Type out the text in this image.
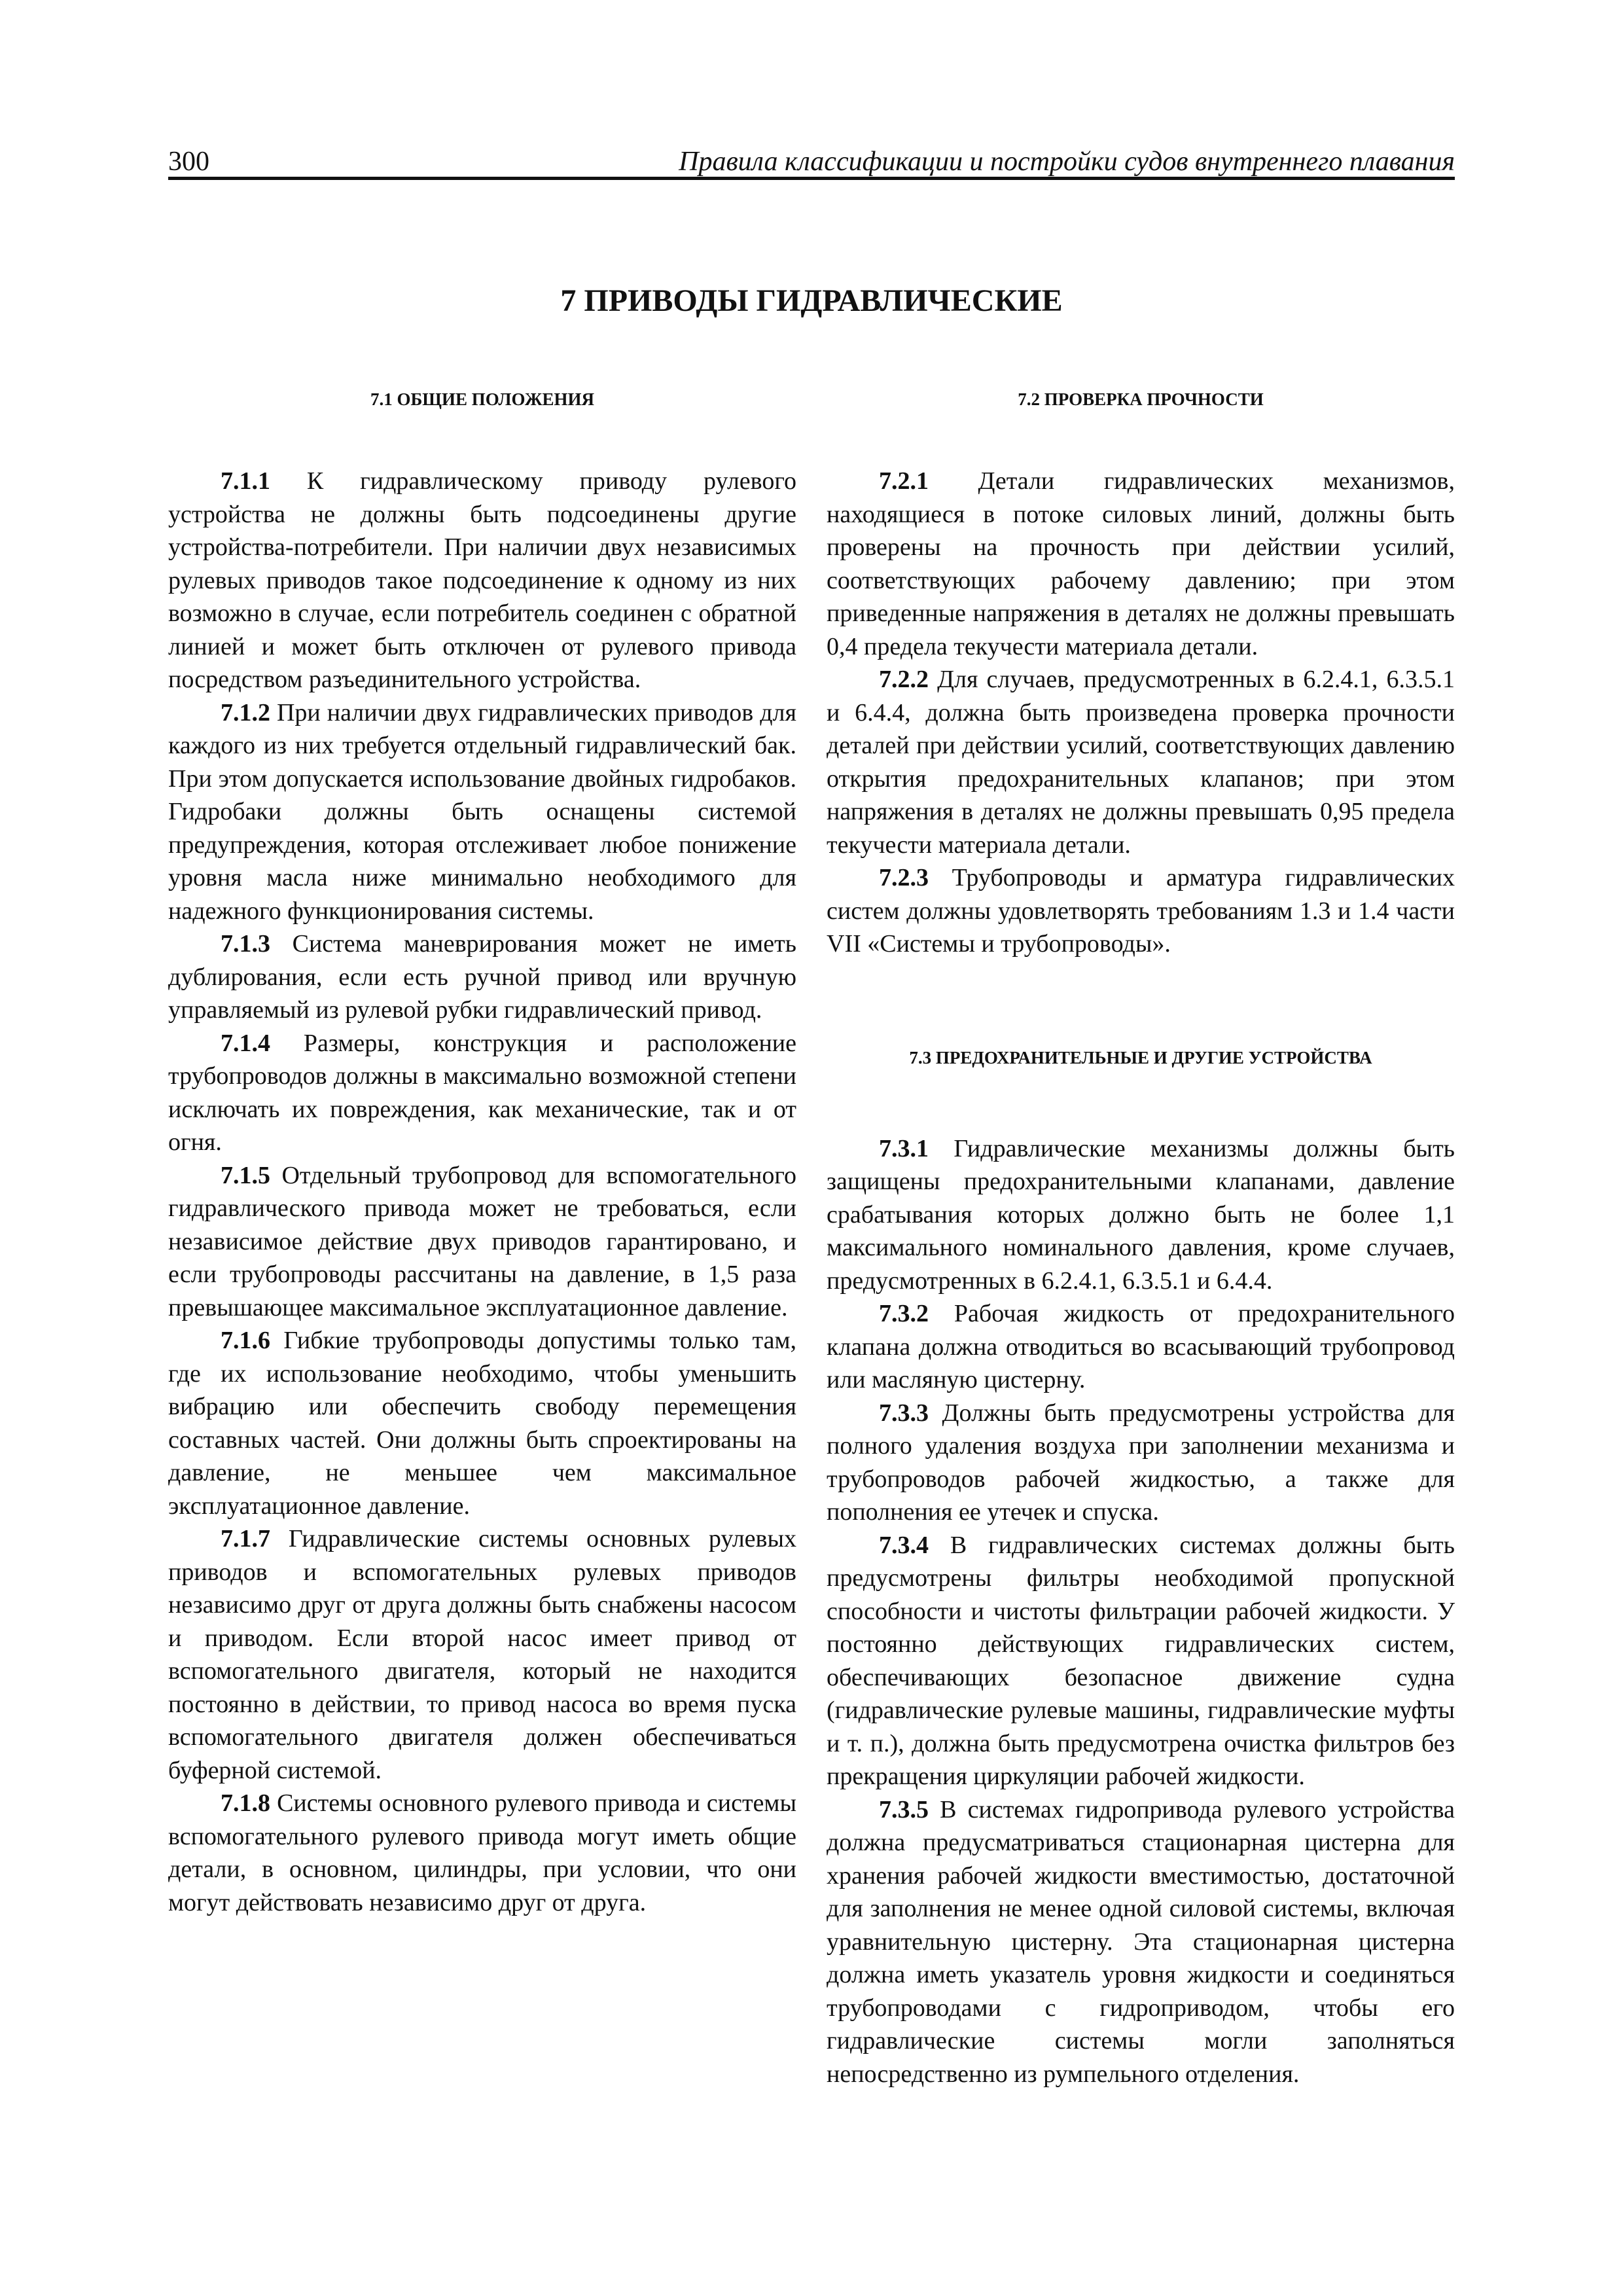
300	Правила классификации и постройки судов внутреннего плавания
7 ПРИВОДЫ ГИДРАВЛИЧЕСКИЕ
7.1 ОБЩИЕ ПОЛОЖЕНИЯ

7.1.1 К гидравлическому приводу рулевого устройства не должны быть подсоединены другие устройства-потребители. При наличии двух независимых рулевых приводов такое подсоединение к одному из них возможно в случае, если потребитель соединен с обратной линией и может быть отключен от рулевого привода посредством разъединительного устройства.

7.1.2 При наличии двух гидравлических приводов для каждого из них требуется отдельный гидравлический бак. При этом допускается использование двойных гидробаков. Гидробаки должны быть оснащены системой предупреждения, которая отслеживает любое понижение уровня масла ниже минимально необходимого для надежного функционирования системы.

7.1.3 Система маневрирования может не иметь дублирования, если есть ручной привод или вручную управляемый из рулевой рубки гидравлический привод.

7.1.4 Размеры, конструкция и расположение трубопроводов должны в максимально возможной степени исключать их повреждения, как механические, так и от огня.

7.1.5 Отдельный трубопровод для вспомогательного гидравлического привода может не требоваться, если независимое действие двух приводов гарантировано, и если трубопроводы рассчитаны на давление, в 1,5 раза превышающее максимальное эксплуатационное давление.

7.1.6 Гибкие трубопроводы допустимы только там, где их использование необходимо, чтобы уменьшить вибрацию или обеспечить свободу перемещения составных частей. Они должны быть спроектированы на давление, не меньшее чем максимальное эксплуатационное давление.

7.1.7 Гидравлические системы основных рулевых приводов и вспомогательных рулевых приводов независимо друг от друга должны быть снабжены насосом и приводом. Если второй насос имеет привод от вспомогательного двигателя, который не находится постоянно в действии, то привод насоса во время пуска вспомогательного двигателя должен обеспечиваться буферной системой.

7.1.8 Системы основного рулевого привода и системы вспомогательного рулевого привода могут иметь общие детали, в основном, цилиндры, при условии, что они могут действовать независимо друг от друга.

7.2 ПРОВЕРКА ПРОЧНОСТИ

7.2.1 Детали гидравлических механизмов, находящиеся в потоке силовых линий, должны быть проверены на прочность при действии усилий, соответствующих рабочему давлению; при этом приведенные напряжения в деталях не должны превышать 0,4 предела текучести материала детали.

7.2.2 Для случаев, предусмотренных в 6.2.4.1, 6.3.5.1 и 6.4.4, должна быть произведена проверка прочности деталей при действии усилий, соответствующих давлению открытия предохранительных клапанов; при этом напряжения в деталях не должны превышать 0,95 предела текучести материала детали.

7.2.3 Трубопроводы и арматура гидравлических систем должны удовлетворять требованиям 1.3 и 1.4 части VII «Системы и трубопроводы».

7.3 ПРЕДОХРАНИТЕЛЬНЫЕ И ДРУГИЕ УСТРОЙСТВА

7.3.1 Гидравлические механизмы должны быть защищены предохранительными клапанами, давление срабатывания которых должно быть не более 1,1 максимального номинального давления, кроме случаев, предусмотренных в 6.2.4.1, 6.3.5.1 и 6.4.4.

7.3.2 Рабочая жидкость от предохранительного клапана должна отводиться во всасывающий трубопровод или масляную цистерну.

7.3.3 Должны быть предусмотрены устройства для полного удаления воздуха при заполнении механизма и трубопроводов рабочей жидкостью, а также для пополнения ее утечек и спуска.

7.3.4 В гидравлических системах должны быть предусмотрены фильтры необходимой пропускной способности и чистоты фильтрации рабочей жидкости. У постоянно действующих гидравлических систем, обеспечивающих безопасное движение судна (гидравлические рулевые машины, гидравлические муфты и т. п.), должна быть предусмотрена очистка фильтров без прекращения циркуляции рабочей жидкости.

7.3.5 В системах гидропривода рулевого устройства должна предусматриваться стационарная цистерна для хранения рабочей жидкости вместимостью, достаточной для заполнения не менее одной силовой системы, включая уравнительную цистерну. Эта стационарная цистерна должна иметь указатель уровня жидкости и соединяться трубопроводами с гидроприводом, чтобы его гидравлические системы могли заполняться непосредственно из румпельного отделения.
